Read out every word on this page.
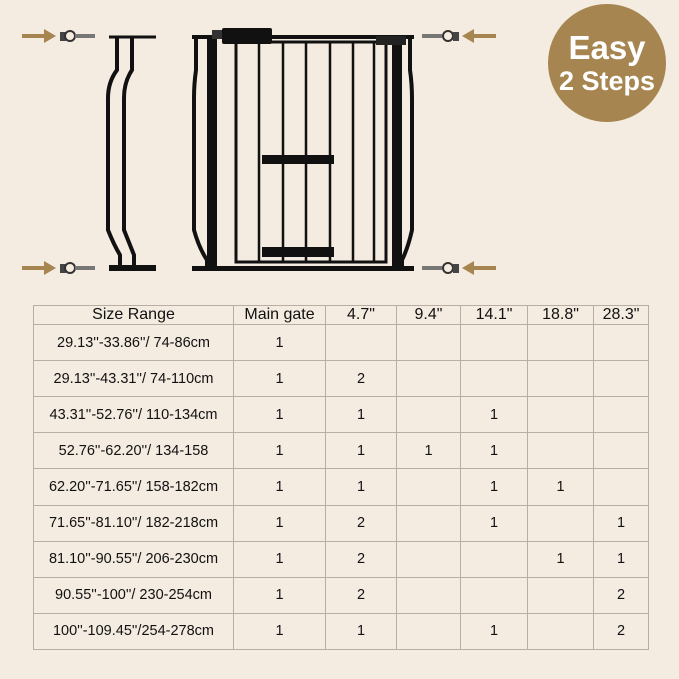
Easy
2 Steps
Size Range	Main gate	4.7"	9.4"	14.1"	18.8"	28.3"
29.13''-33.86''/ 74-86cm	1					
29.13''-43.31''/ 74-110cm	1	2				
43.31''-52.76''/ 110-134cm	1	1		1		
52.76''-62.20''/ 134-158	1	1	1	1		
62.20''-71.65''/ 158-182cm	1	1		1	1	
71.65''-81.10''/ 182-218cm	1	2		1		1
81.10''-90.55''/ 206-230cm	1	2			1	1
90.55''-100''/ 230-254cm	1	2				2
100''-109.45''/254-278cm	1	1		1		2
